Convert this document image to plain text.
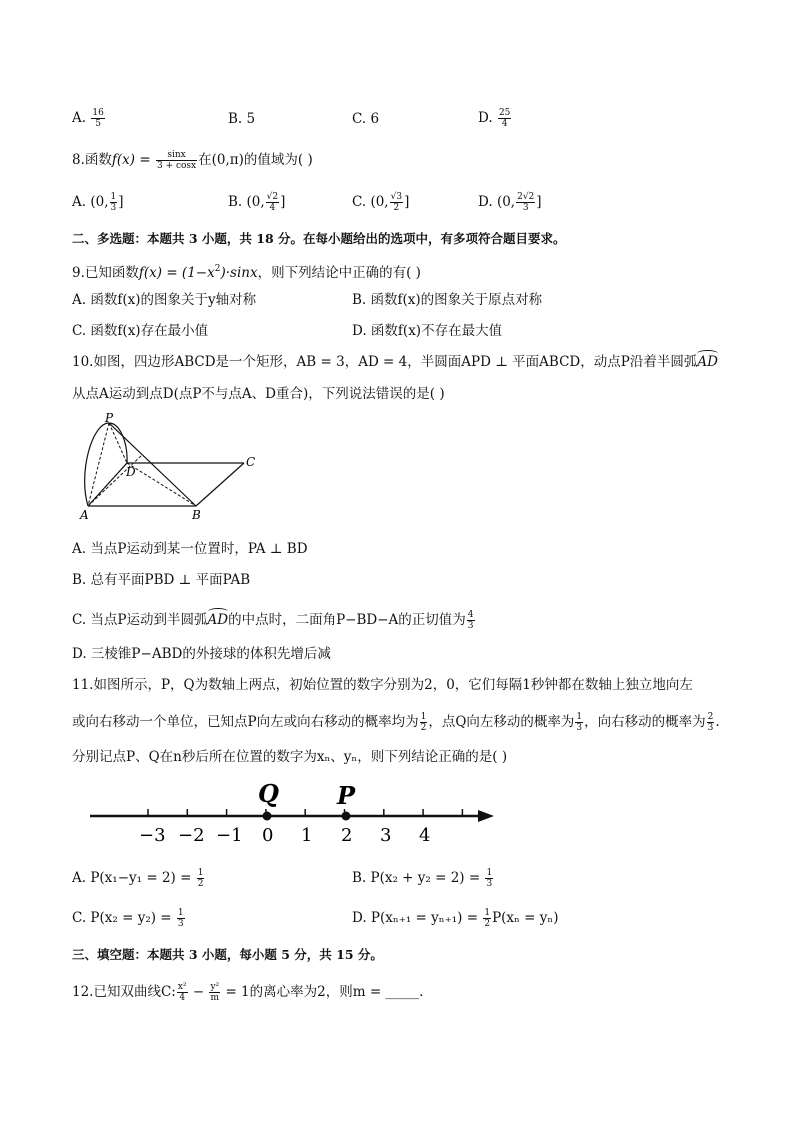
A. $\frac{16}{5}$	B. 5	C. 6	D. $\frac{25}{4}$
8.函数$f(x) = \frac{\sin x}{3 + \cos x}$ 在(0,π)的值域为( )
A. (0, $\frac{1}{3}$ ]	B. (0, $\frac{√2}{4}$ ]	C. (0, $\frac{√3}{2}$ ]	D. (0, $\frac{2√2}{3}$ ]
二、多选题：本题共 3 小题，共 18 分。在每小题给出的选项中，有多项符合题目要求。
9.已知函数$f(x) = (1-x^2)\cdot\sin x$，则下列结论中正确的有( )
A. 函数f(x)的图象关于y轴对称	B. 函数f(x)的图象关于原点对称
C. 函数f(x)存在最小值	D. 函数f(x)不存在最大值
10.如图，四边形ABCD是一个矩形，AB = 3，AD = 4，半圆面APD ⊥ 平面ABCD，动点P沿着半圆弧AD
从点A运动到点D(点P不与点A、D重合)，下列说法错误的是( )
P
D
C
A	B
A. 当点P运动到某一位置时，PA ⊥ BD
B. 总有平面PBD ⊥ 平面PAB
C. 当点P运动到半圆弧AD的中点时，二面角P−BD−A的正切值为 $\frac{4}{3}$
D. 三棱锥P−ABD的外接球的体积先增后减
11.如图所示，P，Q为数轴上两点，初始位置的数字分别为2，0，它们每隔1秒钟都在数轴上独立地向左
或向右移动一个单位，已知点P向左或向右移动的概率均为 $\frac{1}{2}$ ，点Q向左移动的概率为 $\frac{1}{3}$ ，向右移动的概率为 $\frac{2}{3}$ .
分别记点P、Q在n秒后所在位置的数字为xₙ、yₙ，则下列结论正确的是( )
Q P
−3 −2 −1 0 1 2 3 4
A. $P(x_1-y_1 = 2) = \frac{1}{2}$	B. $P(x_2 + y_2 = 2) = \frac{1}{3}$
C. $P(x_2 = y_2) = \frac{1}{3}$	D. $P(x_{n+1} = y_{n+1}) = \frac{1}{2} P(x_n = y_n)$
三、填空题：本题共 3 小题，每小题 5 分，共 15 分。
12.已知双曲线C: $\frac{\text{x²}}{4} - \frac{\text{y²}}{m} = 1$的离心率为2，则m = _____.
